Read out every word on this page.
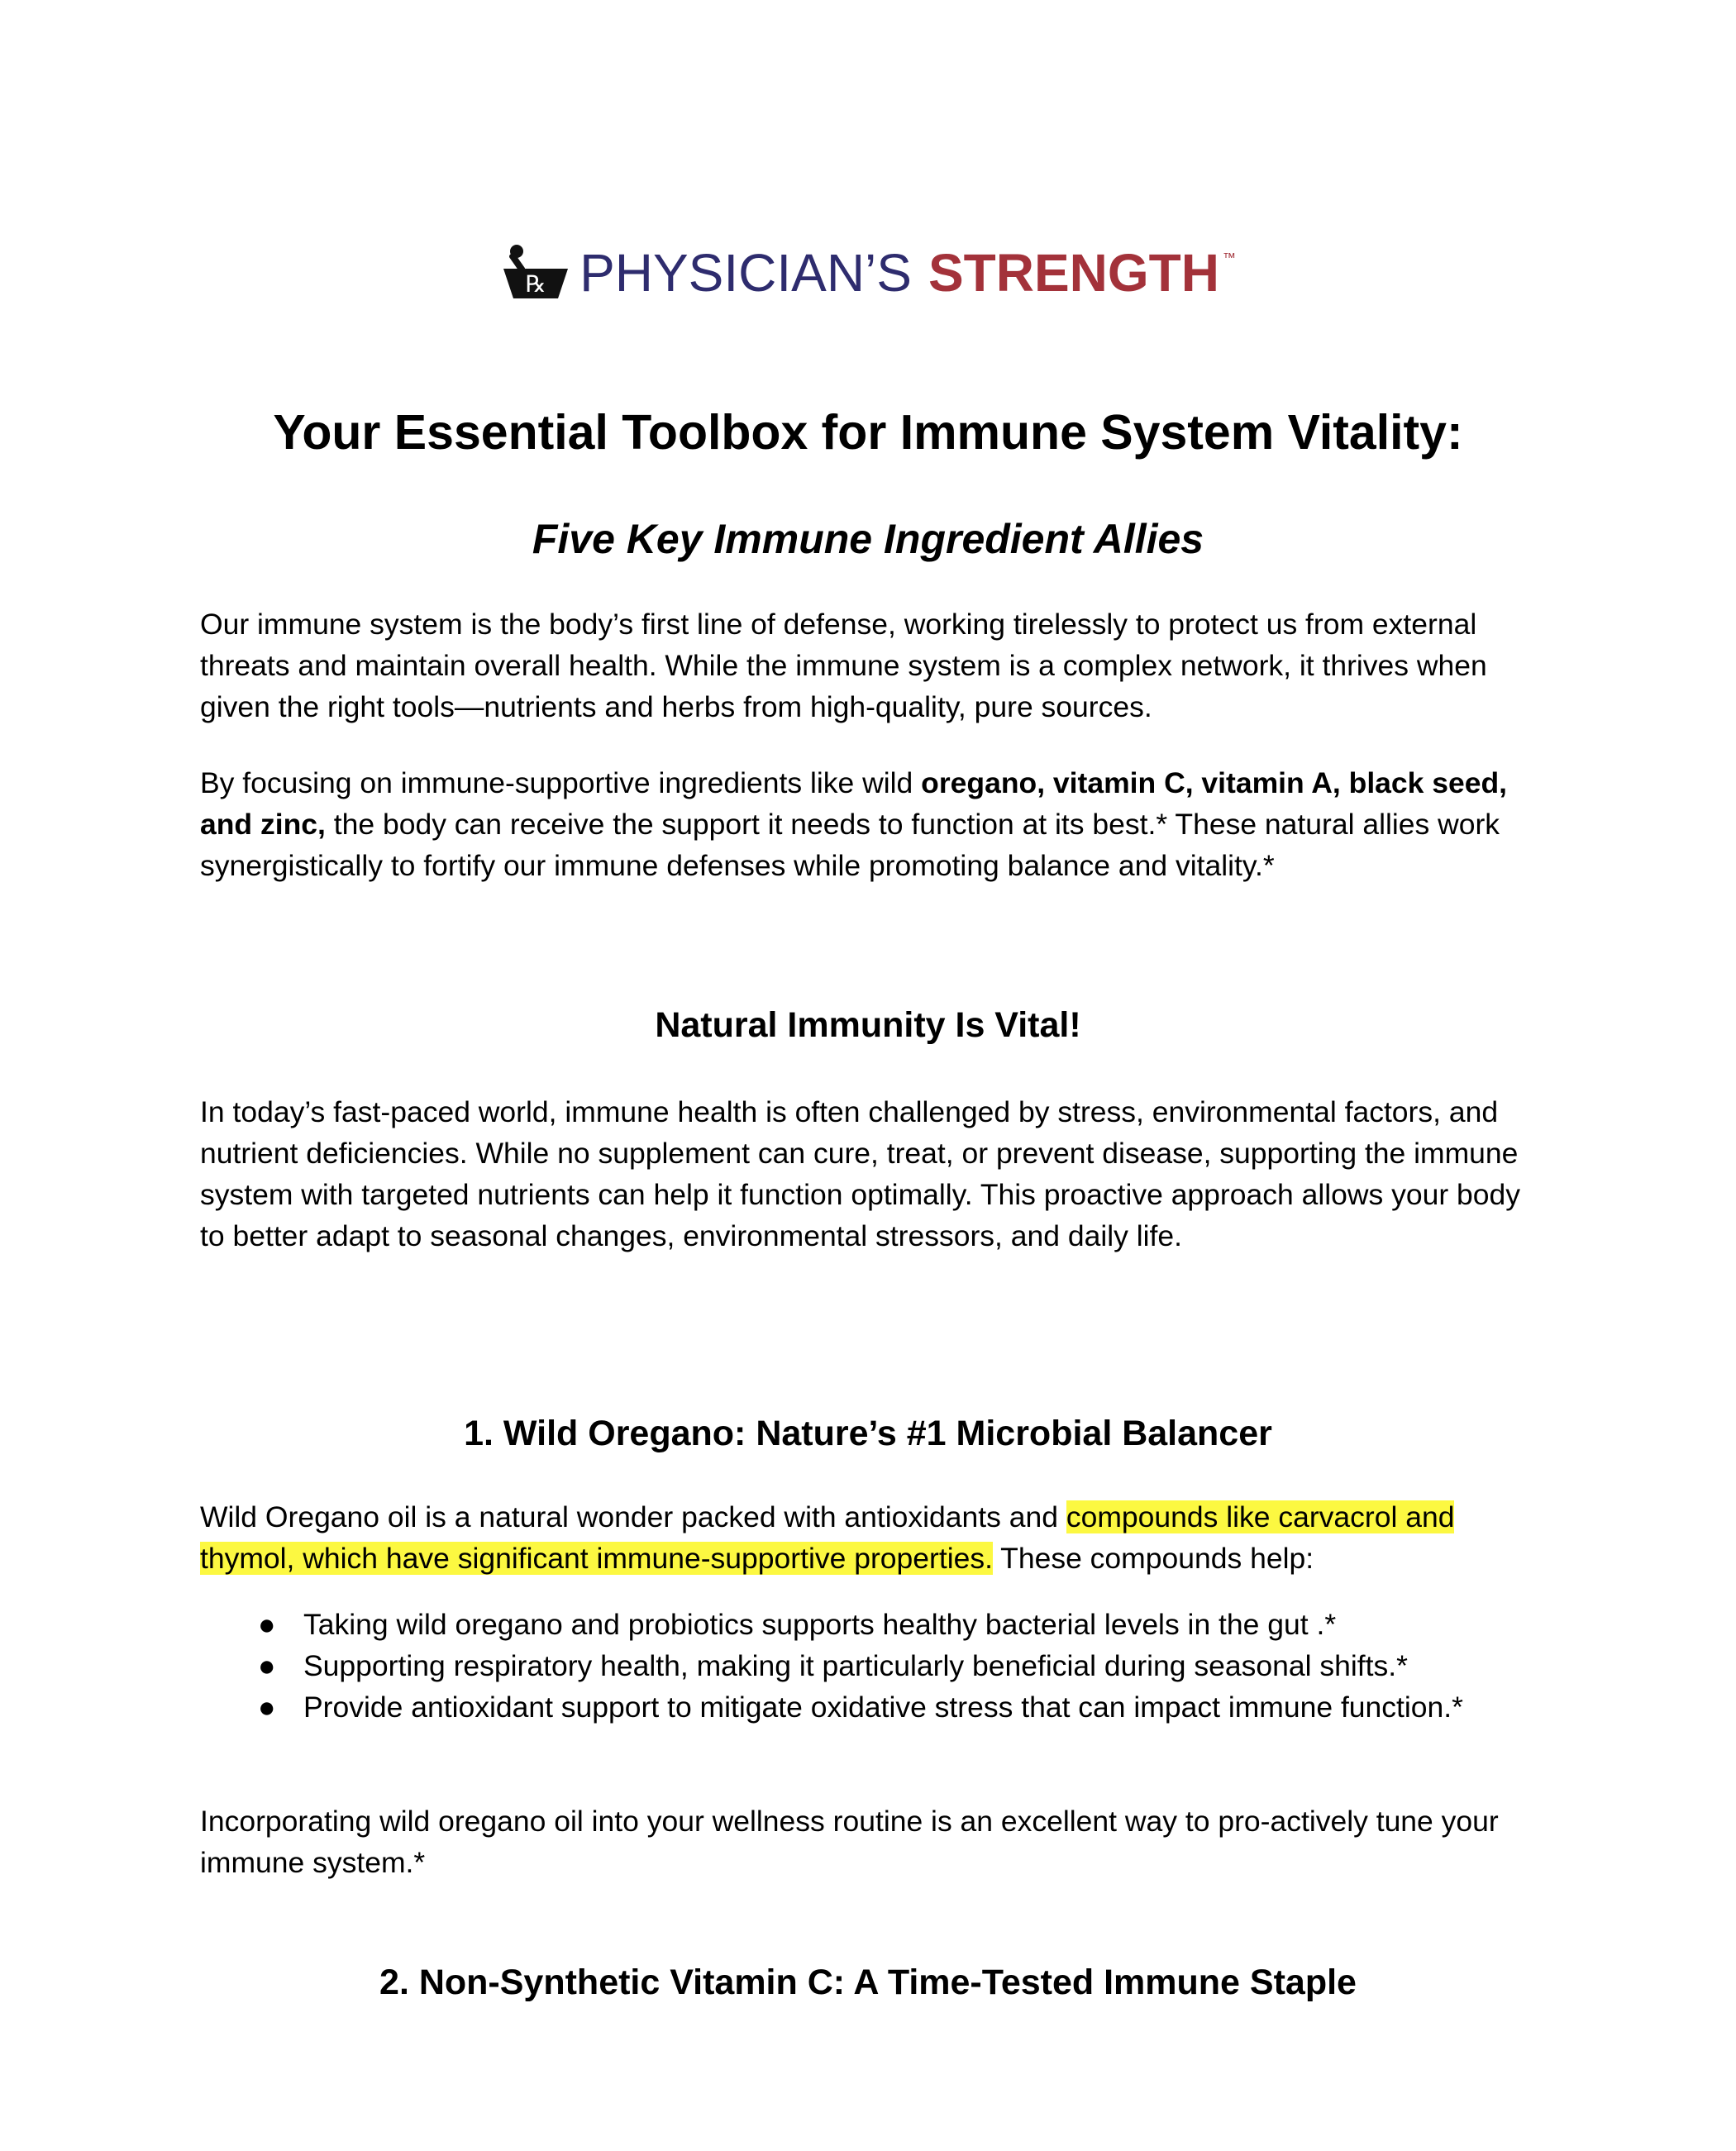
℞ PHYSICIAN’S STRENGTH ™
Your Essential Toolbox for Immune System Vitality:
Five Key Immune Ingredient Allies

Our immune system is the body’s first line of defense, working tirelessly to protect us from external threats and maintain overall health. While the immune system is a complex network, it thrives when given the right tools—nutrients and herbs from high-quality, pure sources.

By focusing on immune-supportive ingredients like wild oregano, vitamin C, vitamin A, black seed, and zinc, the body can receive the support it needs to function at its best.* These natural allies work synergistically to fortify our immune defenses while promoting balance and vitality.*

Natural Immunity Is Vital!

In today’s fast-paced world, immune health is often challenged by stress, environmental factors, and nutrient deficiencies. While no supplement can cure, treat, or prevent disease, supporting the immune system with targeted nutrients can help it function optimally. This proactive approach allows your body to better adapt to seasonal changes, environmental stressors, and daily life.

1. Wild Oregano: Nature’s #1 Microbial Balancer

Wild Oregano oil is a natural wonder packed with antioxidants and compounds like carvacrol and thymol, which have significant immune-supportive properties. These compounds help:

● Taking wild oregano and probiotics supports healthy bacterial levels in the gut .*
● Supporting respiratory health, making it particularly beneficial during seasonal shifts.*
● Provide antioxidant support to mitigate oxidative stress that can impact immune function.*

Incorporating wild oregano oil into your wellness routine is an excellent way to pro-actively tune your immune system.*

2. Non-Synthetic Vitamin C: A Time-Tested Immune Staple
